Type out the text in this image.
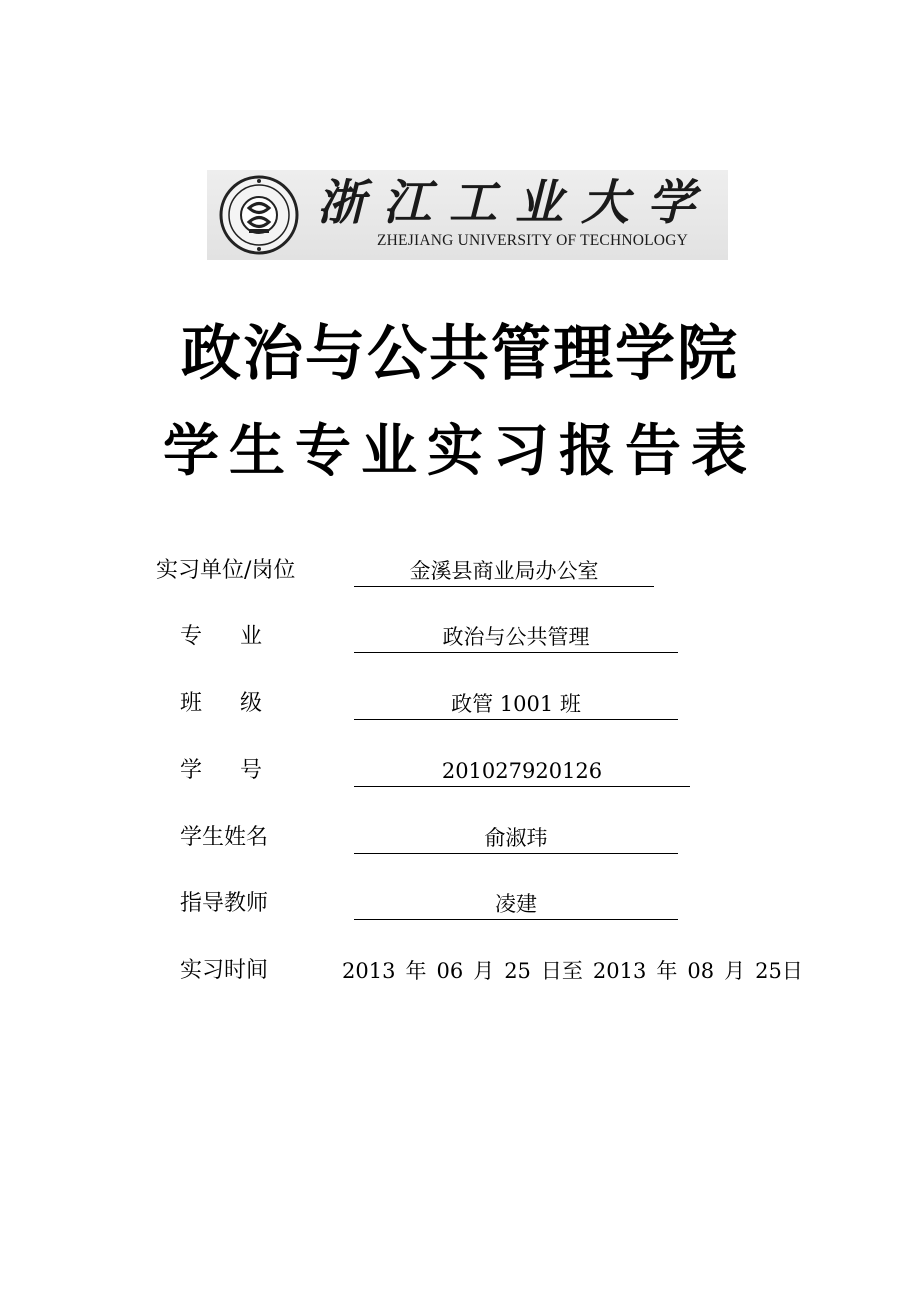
浙江工业大学
ZHEJIANG UNIVERSITY OF TECHNOLOGY
政治与公共管理学院
学生专业实习报告表
实习单位/岗位	金溪县商业局办公室
专业	政治与公共管理
班级	政管 1001 班
学号	201027920126
学生姓名	俞淑玮
指导教师	凌建
实习时间	2013 年 06 月 25 日至 2013 年 08 月 25日
